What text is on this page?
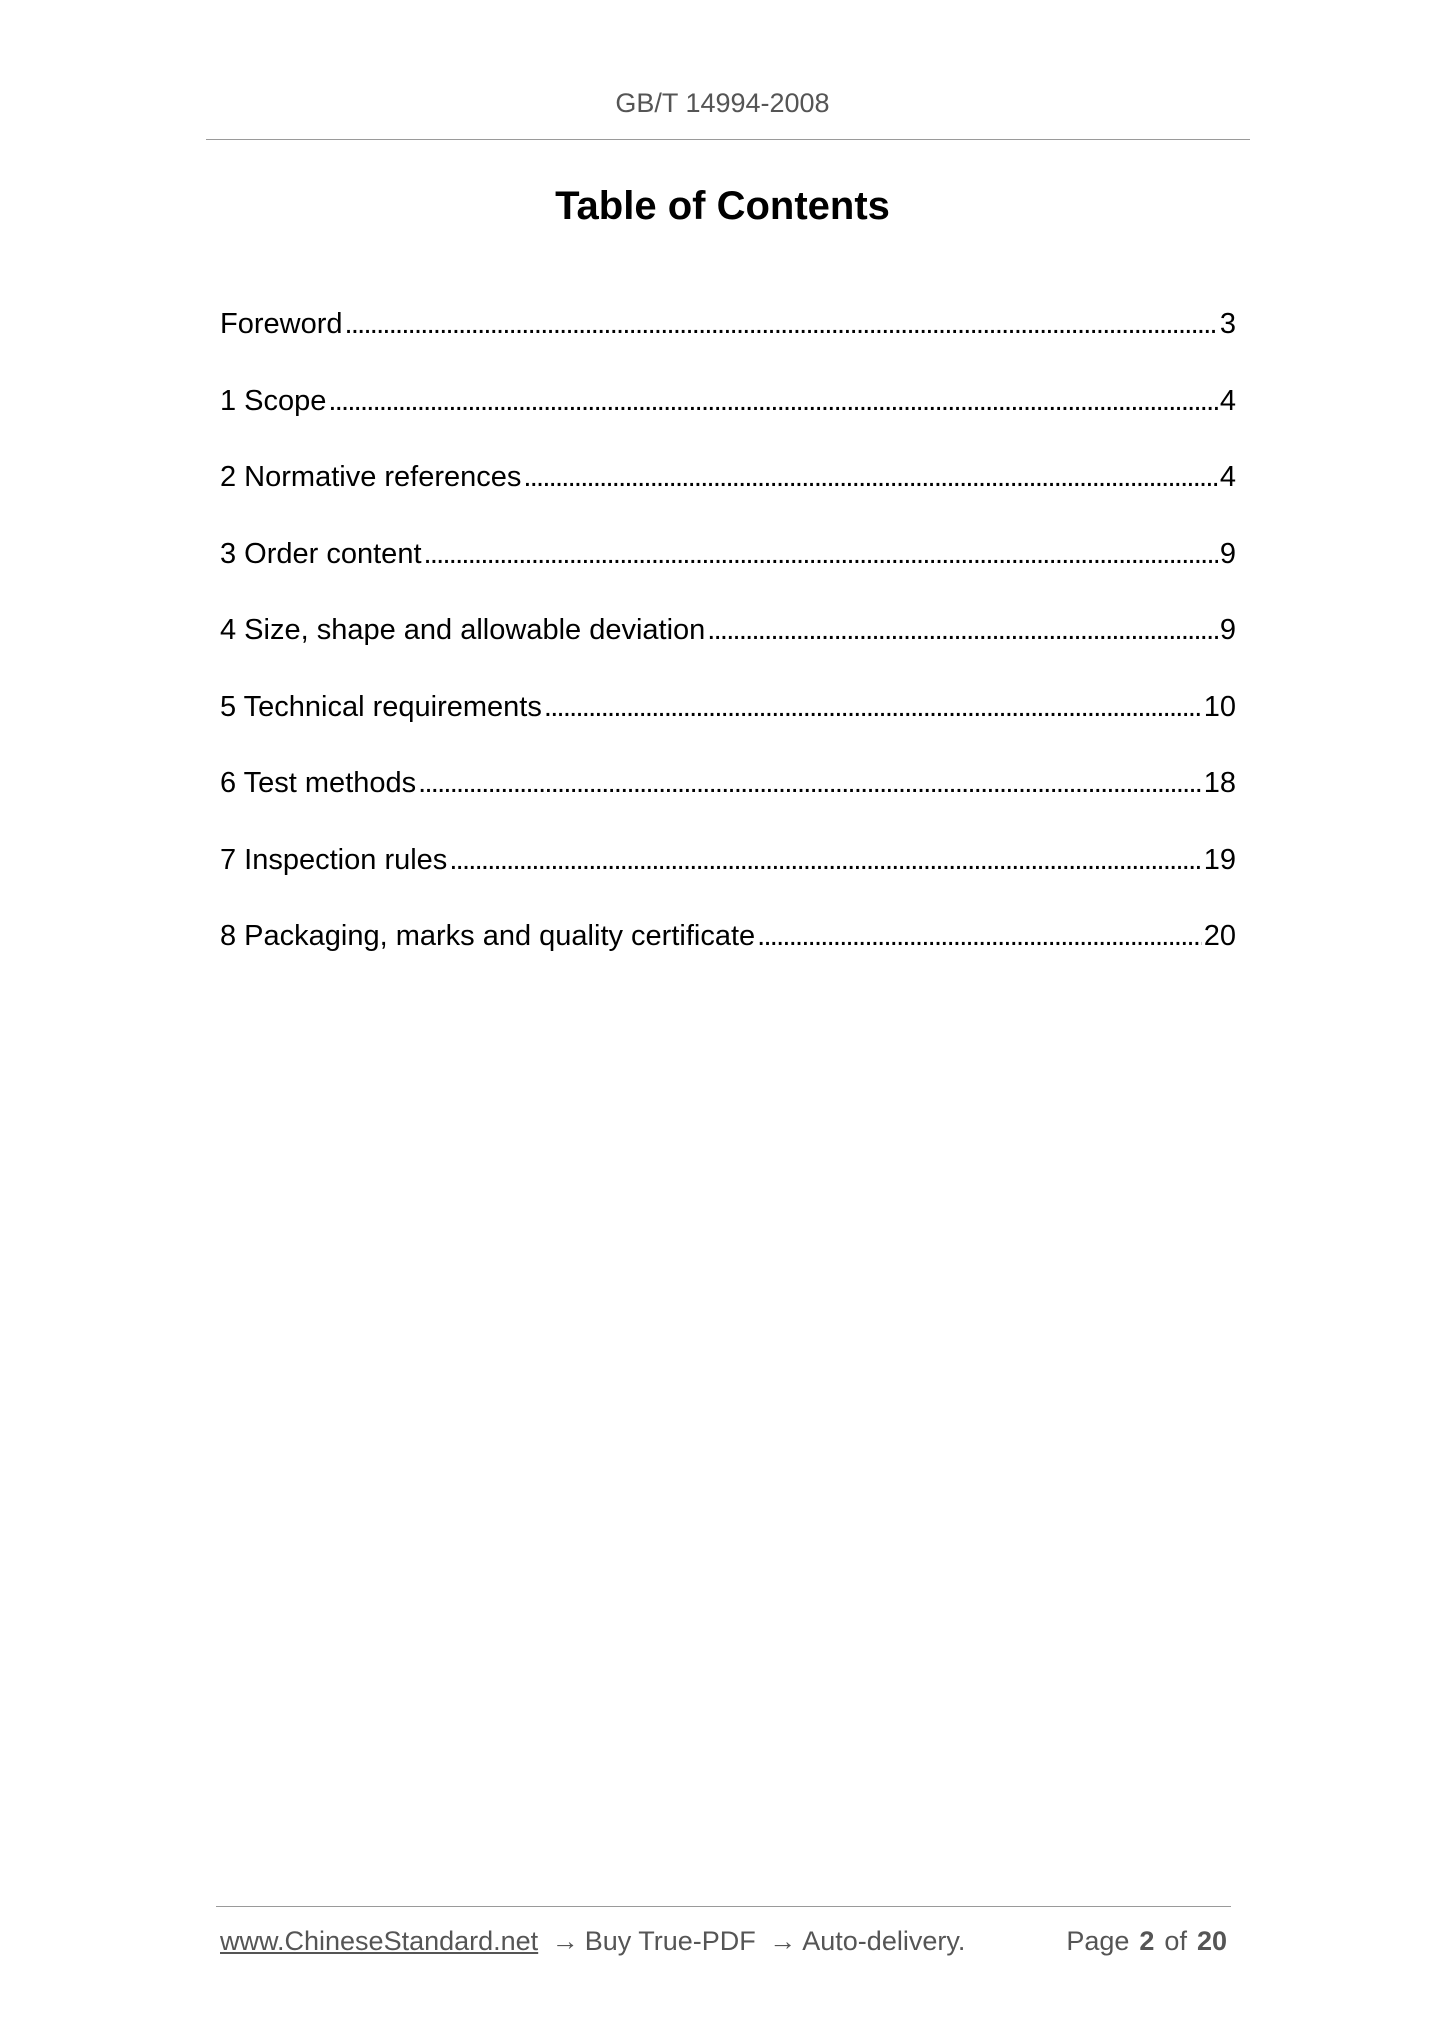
GB/T 14994-2008
Table of Contents
Foreword . . .	3
1 Scope . . .	4
2 Normative references . . .	4
3 Order content . . .	9
4 Size, shape and allowable deviation . . .	9
5 Technical requirements . . .	10
6 Test methods . . .	18
7 Inspection rules . . .	19
8 Packaging, marks and quality certificate . . .	20
www.ChineseStandard.net → Buy True-PDF → Auto-delivery.	Page 2 of 20
